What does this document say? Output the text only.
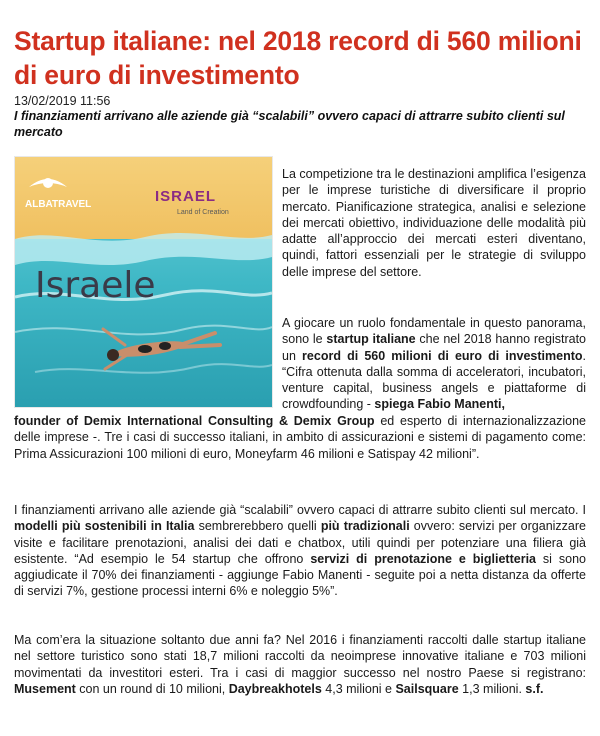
Startup italiane: nel 2018 record di 560 milioni di euro di investimento
13/02/2019 11:56
I finanziamenti arrivano alle aziende già “scalabili” ovvero capaci di attrarre subito clienti sul mercato
ALBATRAVEL	ISRAEL
Land of Creation
Israele
La competizione tra le destinazioni amplifica l’esigenza per le imprese turistiche di diversificare il proprio mercato. Pianificazione strategica, analisi e selezione dei mercati obiettivo, individuazione delle modalità più adatte all’approccio dei mercati esteri diventano, quindi, fattori essenziali per le strategie di sviluppo delle imprese del settore.
A giocare un ruolo fondamentale in questo panorama, sono le startup italiane che nel 2018 hanno registrato un record di 560 milioni di euro di investimento. “Cifra ottenuta dalla somma di acceleratori, incubatori, venture capital, business angels e piattaforme di crowdfounding - spiega Fabio Manenti,
founder of Demix International Consulting & Demix Group ed esperto di internazionalizzazione delle imprese -. Tre i casi di successo italiani, in ambito di assicurazioni e sistemi di pagamento come: Prima Assicurazioni 100 milioni di euro, Moneyfarm 46 milioni e Satispay 42 milioni”.
I finanziamenti arrivano alle aziende già “scalabili” ovvero capaci di attrarre subito clienti sul mercato. I modelli più sostenibili in Italia sembrerebbero quelli più tradizionali ovvero: servizi per organizzare visite e facilitare prenotazioni, analisi dei dati e chatbox, utili quindi per potenziare una filiera già esistente. “Ad esempio le 54 startup che offrono servizi di prenotazione e biglietteria si sono aggiudicate il 70% dei finanziamenti - aggiunge Fabio Manenti - seguite poi a netta distanza da offerte di servizi 7%, gestione processi interni 6% e noleggio 5%”.
Ma com’era la situazione soltanto due anni fa? Nel 2016 i finanziamenti raccolti dalle startup italiane nel settore turistico sono stati 18,7 milioni raccolti da neoimprese innovative italiane e 703 milioni movimentati da investitori esteri. Tra i casi di maggior successo nel nostro Paese si registrano: Musement con un round di 10 milioni, Daybreakhotels 4,3 milioni e Sailsquare 1,3 milioni. s.f.
